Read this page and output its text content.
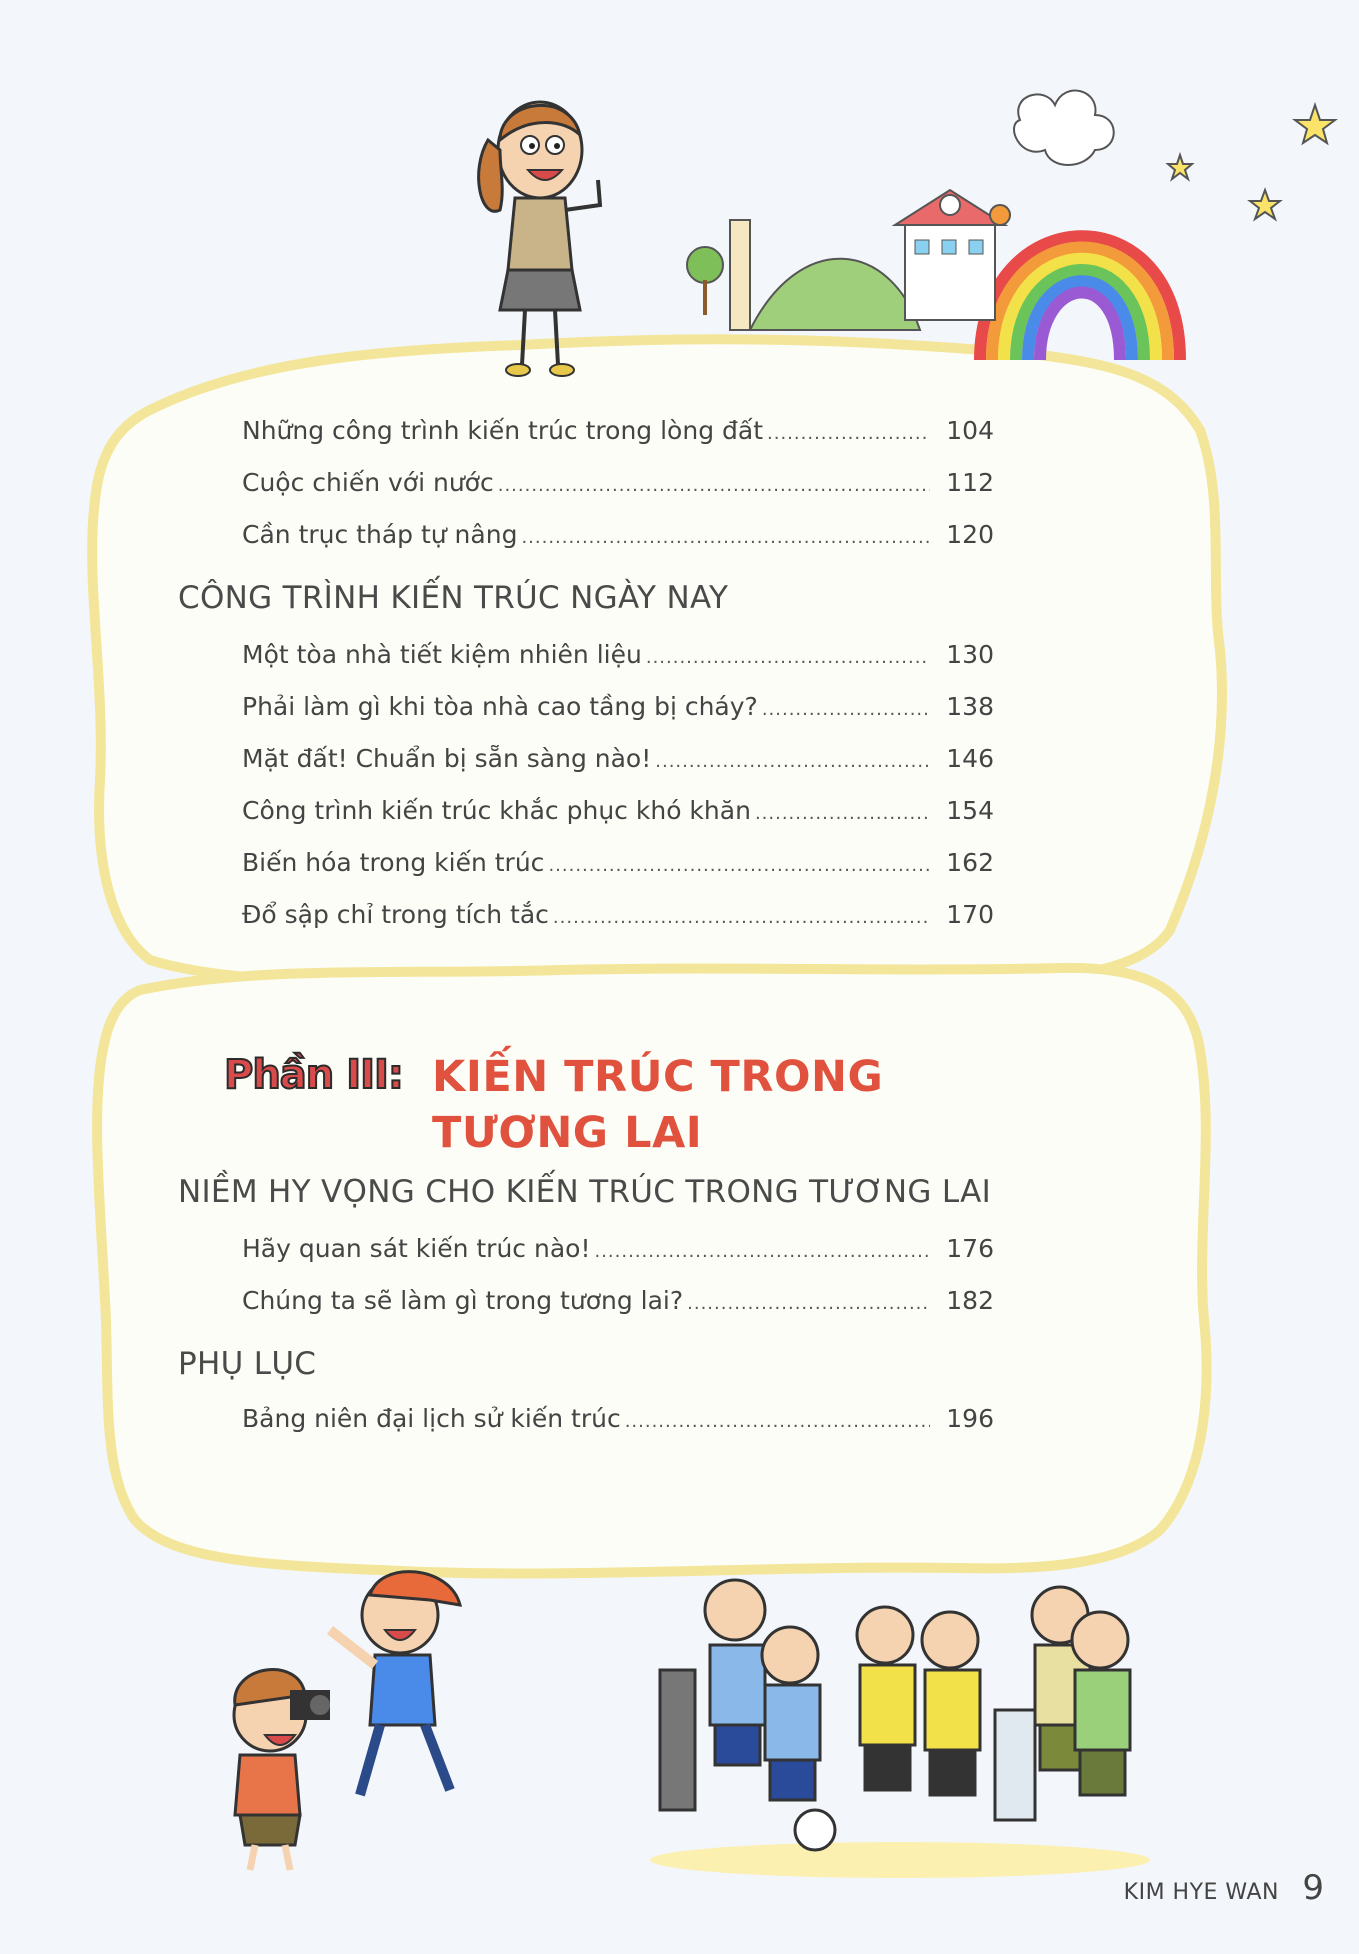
Những công trình kiến trúc trong lòng đất .....	104
Cuộc chiến với nước .....	112
Cần trục tháp tự nâng .....	120
CÔNG TRÌNH KIẾN TRÚC NGÀY NAY
Một tòa nhà tiết kiệm nhiên liệu .....	130
Phải làm gì khi tòa nhà cao tầng bị cháy? .....	138
Mặt đất! Chuẩn bị sẵn sàng nào! .....	146
Công trình kiến trúc khắc phục khó khăn .....	154
Biến hóa trong kiến trúc .....	162
Đổ sập chỉ trong tích tắc .....	170
Phần III: KIẾN TRÚC TRONG
TƯƠNG LAI
NIỀM HY VỌNG CHO KIẾN TRÚC TRONG TƯƠNG LAI
Hãy quan sát kiến trúc nào! .....	176
Chúng ta sẽ làm gì trong tương lai? .....	182
PHỤ LỤC
Bảng niên đại lịch sử kiến trúc .....	196
KIM HYE WAN 9
